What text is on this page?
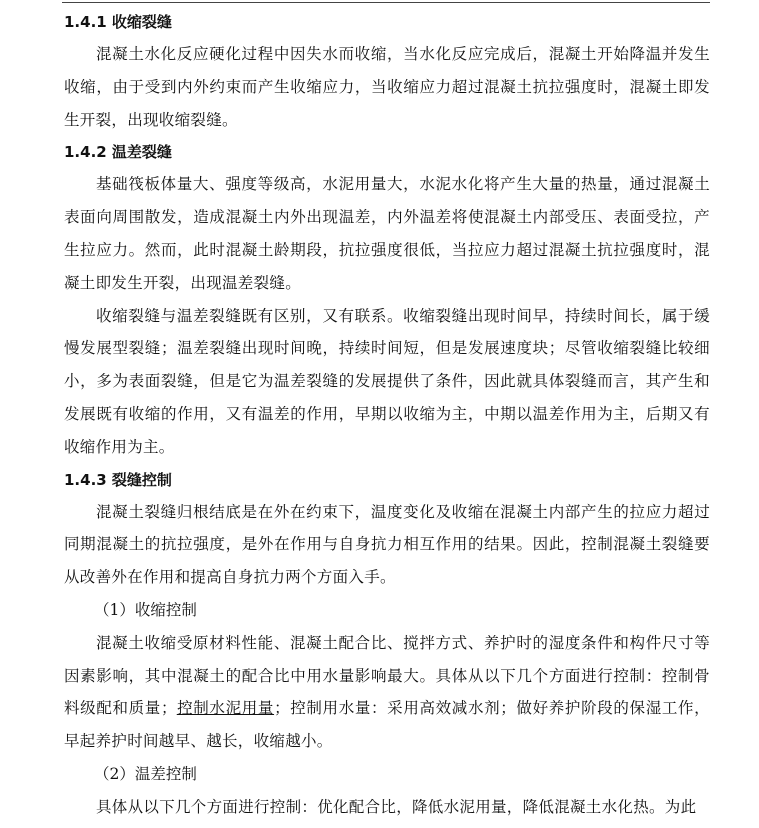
1.4.1 收缩裂缝

混凝土水化反应硬化过程中因失水而收缩，当水化反应完成后，混凝土开始降温并发生收缩，由于受到内外约束而产生收缩应力，当收缩应力超过混凝土抗拉强度时，混凝土即发生开裂，出现收缩裂缝。

1.4.2 温差裂缝

基础筏板体量大、强度等级高，水泥用量大，水泥水化将产生大量的热量，通过混凝土表面向周围散发，造成混凝土内外出现温差，内外温差将使混凝土内部受压、表面受拉，产生拉应力。然而，此时混凝土龄期段，抗拉强度很低，当拉应力超过混凝土抗拉强度时，混凝土即发生开裂，出现温差裂缝。

收缩裂缝与温差裂缝既有区别，又有联系。收缩裂缝出现时间早，持续时间长，属于缓慢发展型裂缝；温差裂缝出现时间晚，持续时间短，但是发展速度块；尽管收缩裂缝比较细小，多为表面裂缝，但是它为温差裂缝的发展提供了条件，因此就具体裂缝而言，其产生和发展既有收缩的作用，又有温差的作用，早期以收缩为主，中期以温差作用为主，后期又有收缩作用为主。

1.4.3 裂缝控制

混凝土裂缝归根结底是在外在约束下，温度变化及收缩在混凝土内部产生的拉应力超过同期混凝土的抗拉强度，是外在作用与自身抗力相互作用的结果。因此，控制混凝土裂缝要从改善外在作用和提高自身抗力两个方面入手。

（1）收缩控制

混凝土收缩受原材料性能、混凝土配合比、搅拌方式、养护时的湿度条件和构件尺寸等因素影响，其中混凝土的配合比中用水量影响最大。具体从以下几个方面进行控制：控制骨料级配和质量；控制水泥用量；控制用水量：采用高效减水剂；做好养护阶段的保湿工作，早起养护时间越早、越长，收缩越小。

（2）温差控制

具体从以下几个方面进行控制：优化配合比，降低水泥用量，降低混凝土水化热。为此
